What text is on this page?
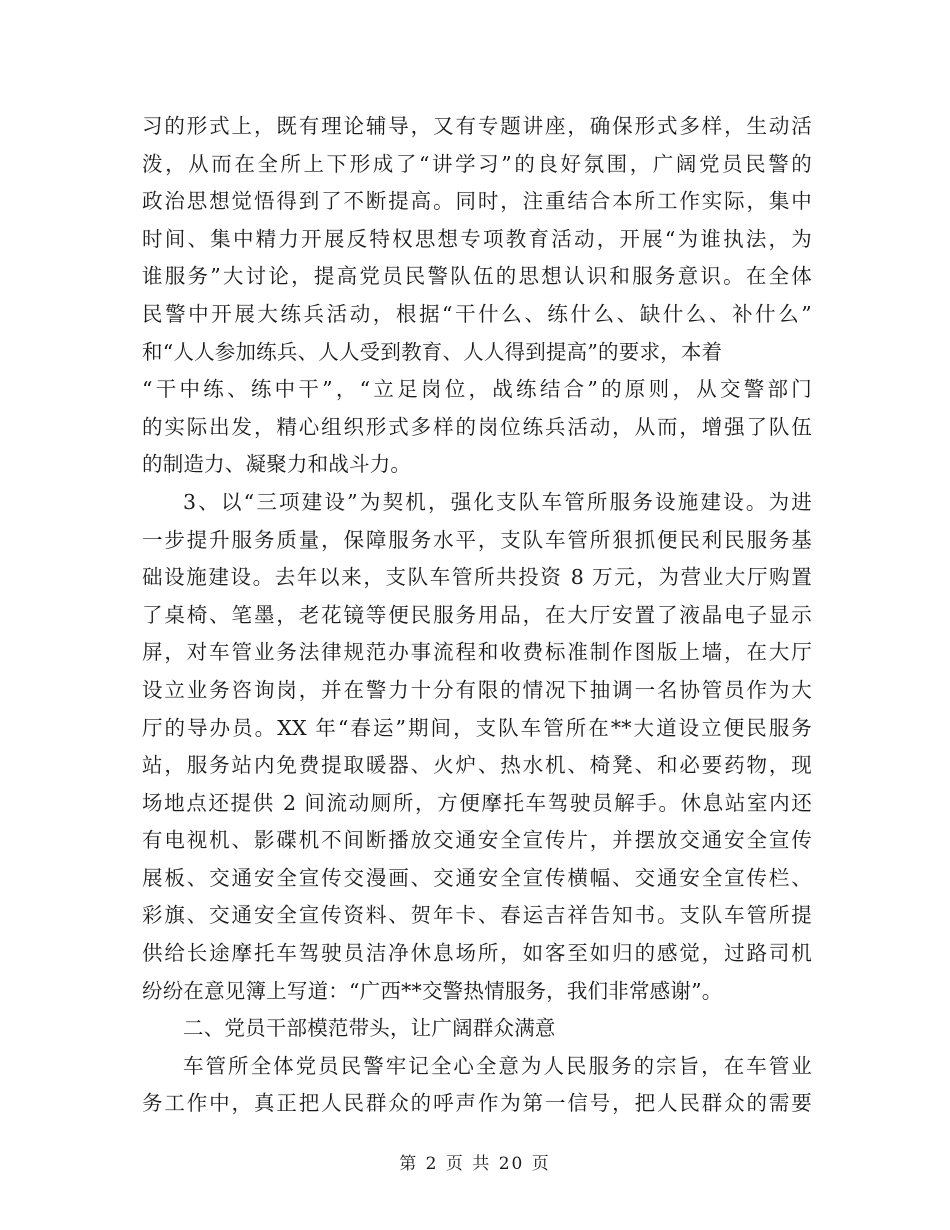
习的形式上，既有理论辅导，又有专题讲座，确保形式多样，生动活
泼，从而在全所上下形成了“讲学习”的良好氛围，广阔党员民警的
政治思想觉悟得到了不断提高。同时，注重结合本所工作实际，集中
时间、集中精力开展反特权思想专项教育活动，开展“为谁执法，为
谁服务”大讨论，提高党员民警队伍的思想认识和服务意识。在全体
民警中开展大练兵活动，根据“干什么、练什么、缺什么、补什么”
和“人人参加练兵、人人受到教育、人人得到提高”的要求，本着
“干中练、练中干”，“立足岗位，战练结合”的原则，从交警部门
的实际出发，精心组织形式多样的岗位练兵活动，从而，增强了队伍
的制造力、凝聚力和战斗力。
3、以“三项建设”为契机，强化支队车管所服务设施建设。为进
一步提升服务质量，保障服务水平，支队车管所狠抓便民利民服务基
础设施建设。去年以来，支队车管所共投资 8 万元，为营业大厅购置
了桌椅、笔墨，老花镜等便民服务用品，在大厅安置了液晶电子显示
屏，对车管业务法律规范办事流程和收费标准制作图版上墙，在大厅
设立业务咨询岗，并在警力十分有限的情况下抽调一名协管员作为大
厅的导办员。XX 年“春运”期间，支队车管所在**大道设立便民服务
站，服务站内免费提取暖器、火炉、热水机、椅凳、和必要药物，现
场地点还提供 2 间流动厕所，方便摩托车驾驶员解手。休息站室内还
有电视机、影碟机不间断播放交通安全宣传片，并摆放交通安全宣传
展板、交通安全宣传交漫画、交通安全宣传横幅、交通安全宣传栏、
彩旗、交通安全宣传资料、贺年卡、春运吉祥告知书。支队车管所提
供给长途摩托车驾驶员洁净休息场所，如客至如归的感觉，过路司机
纷纷在意见簿上写道：“广西**交警热情服务，我们非常感谢”。
二、党员干部模范带头，让广阔群众满意
车管所全体党员民警牢记全心全意为人民服务的宗旨，在车管业
务工作中，真正把人民群众的呼声作为第一信号，把人民群众的需要
第 2 页 共 20 页
